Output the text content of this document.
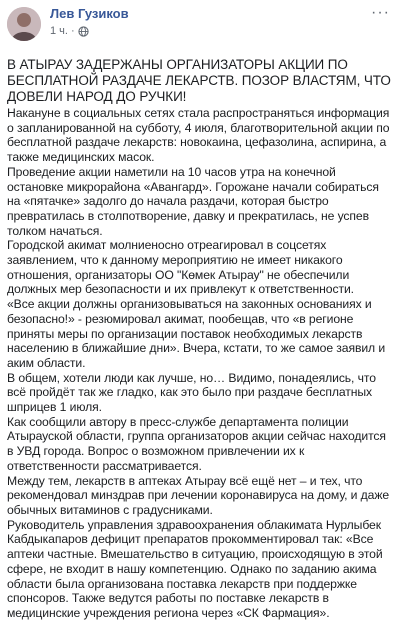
Лев Гузиков
1 ч. ·
···

В АТЫРАУ ЗАДЕРЖАНЫ ОРГАНИЗАТОРЫ АКЦИИ ПО БЕСПЛАТНОЙ РАЗДАЧЕ ЛЕКАРСТВ. ПОЗОР ВЛАСТЯМ, ЧТО ДОВЕЛИ НАРОД ДО РУЧКИ!

Накануне в социальных сетях стала распространяться информация о запланированной на субботу, 4 июля, благотворительной акции по бесплатной раздаче лекарств: новокаина, цефазолина, аспирина, а также медицинских масок.

Проведение акции наметили на 10 часов утра на конечной остановке микрорайона «Авангард». Горожане начали собираться на «пятачке» задолго до начала раздачи, которая быстро превратилась в столпотворение, давку и прекратилась, не успев толком начаться.

Городской акимат молниеносно отреагировал в соцсетях заявлением, что к данному мероприятию не имеет никакого отношения, организаторы ОО "Көмек Атырау" не обеспечили должных мер безопасности и их привлекут к ответственности.

«Все акции должны организовываться на законных основаниях и безопасно!» - резюмировал акимат, пообещав, что «в регионе приняты меры по организации поставок необходимых лекарств населению в ближайшие дни». Вчера, кстати, то же самое заявил и аким области.

В общем, хотели люди как лучше, но… Видимо, понадеялись, что всё пройдёт так же гладко, как это было при раздаче бесплатных шприцев 1 июля.

Как сообщили автору в пресс-службе департамента полиции Атырауской области, группа организаторов акции сейчас находится в УВД города. Вопрос о возможном привлечении их к ответственности рассматривается.

Между тем, лекарств в аптеках Атырау всё ещё нет – и тех, что рекомендовал минздрав при лечении коронавируса на дому, и даже обычных витаминов с градусниками.

Руководитель управления здравоохранения облакимата Нурлыбек Кабдыкапаров дефицит препаратов прокомментировал так: «Все аптеки частные. Вмешательство в ситуацию, происходящую в этой сфере, не входит в нашу компетенцию. Однако по заданию акима области была организована поставка лекарств при поддержке спонсоров. Также ведутся работы по поставке лекарств в медицинские учреждения региона через «СК Фармация».
